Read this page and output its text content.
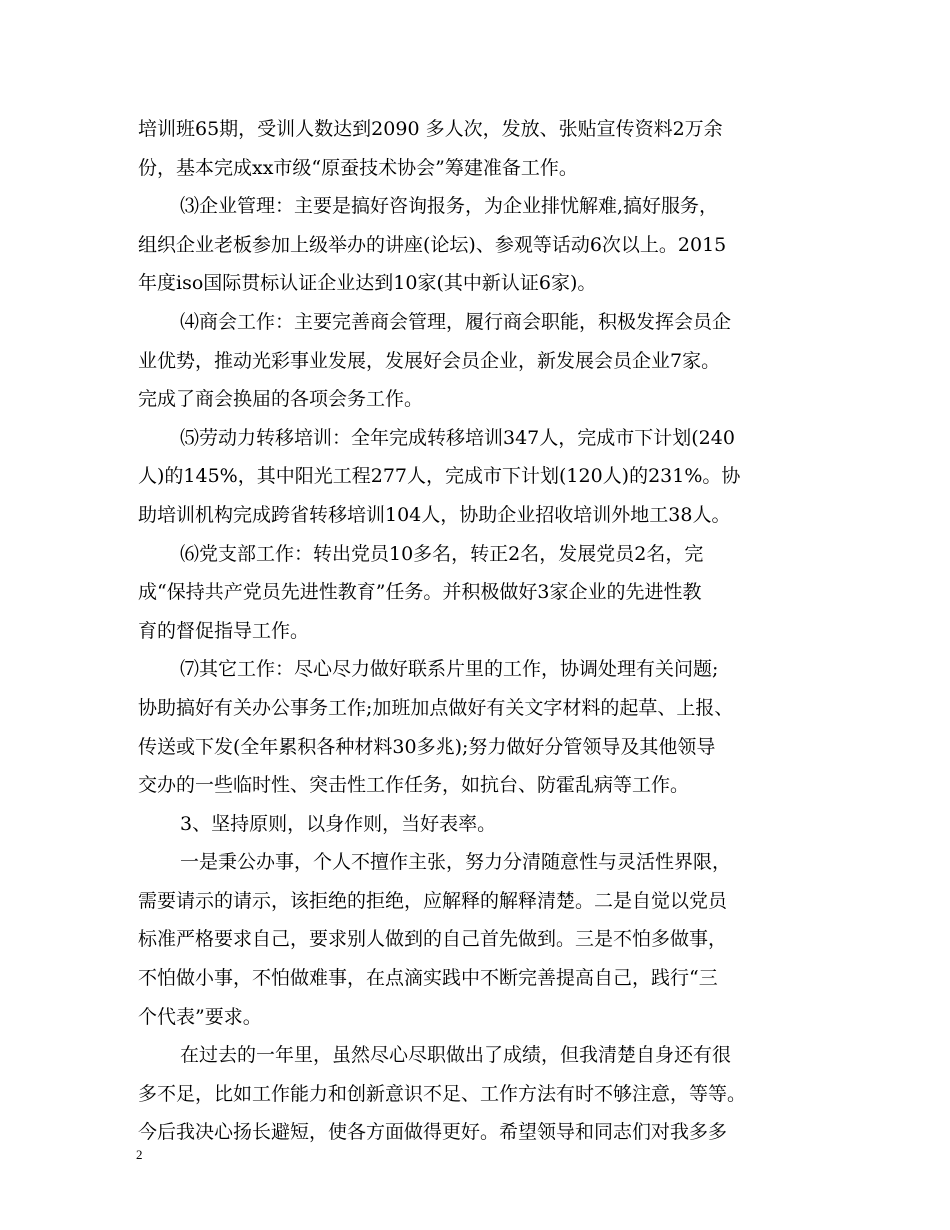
培训班65期，受训人数达到2090 多人次，发放、张贴宣传资料2万余
份，基本完成xx市级“原蚕技术协会”筹建准备工作。
⑶企业管理：主要是搞好咨询报务，为企业排忧解难,搞好服务，
组织企业老板参加上级举办的讲座(论坛)、参观等话动6次以上。2015
年度iso国际贯标认证企业达到10家(其中新认证6家)。
⑷商会工作：主要完善商会管理，履行商会职能，积极发挥会员企
业优势，推动光彩事业发展，发展好会员企业，新发展会员企业7家。
完成了商会换届的各项会务工作。
⑸劳动力转移培训：全年完成转移培训347人，完成市下计划(240
人)的145%，其中阳光工程277人，完成市下计划(120人)的231%。协
助培训机构完成跨省转移培训104人，协助企业招收培训外地工38人。
⑹党支部工作：转出党员10多名，转正2名，发展党员2名，完
成“保持共产党员先进性教育”任务。并积极做好3家企业的先进性教
育的督促指导工作。
⑺其它工作：尽心尽力做好联系片里的工作，协调处理有关问题;
协助搞好有关办公事务工作;加班加点做好有关文字材料的起草、上报、
传送或下发(全年累积各种材料30多兆);努力做好分管领导及其他领导
交办的一些临时性、突击性工作任务，如抗台、防霍乱病等工作。
3、坚持原则，以身作则，当好表率。
一是秉公办事，个人不擅作主张，努力分清随意性与灵活性界限，
需要请示的请示，该拒绝的拒绝，应解释的解释清楚。二是自觉以党员
标准严格要求自己，要求别人做到的自己首先做到。三是不怕多做事，
不怕做小事，不怕做难事，在点滴实践中不断完善提高自己，践行“三
个代表”要求。
在过去的一年里，虽然尽心尽职做出了成绩，但我清楚自身还有很
多不足，比如工作能力和创新意识不足、工作方法有时不够注意，等等。
今后我决心扬长避短，使各方面做得更好。希望领导和同志们对我多多
2
